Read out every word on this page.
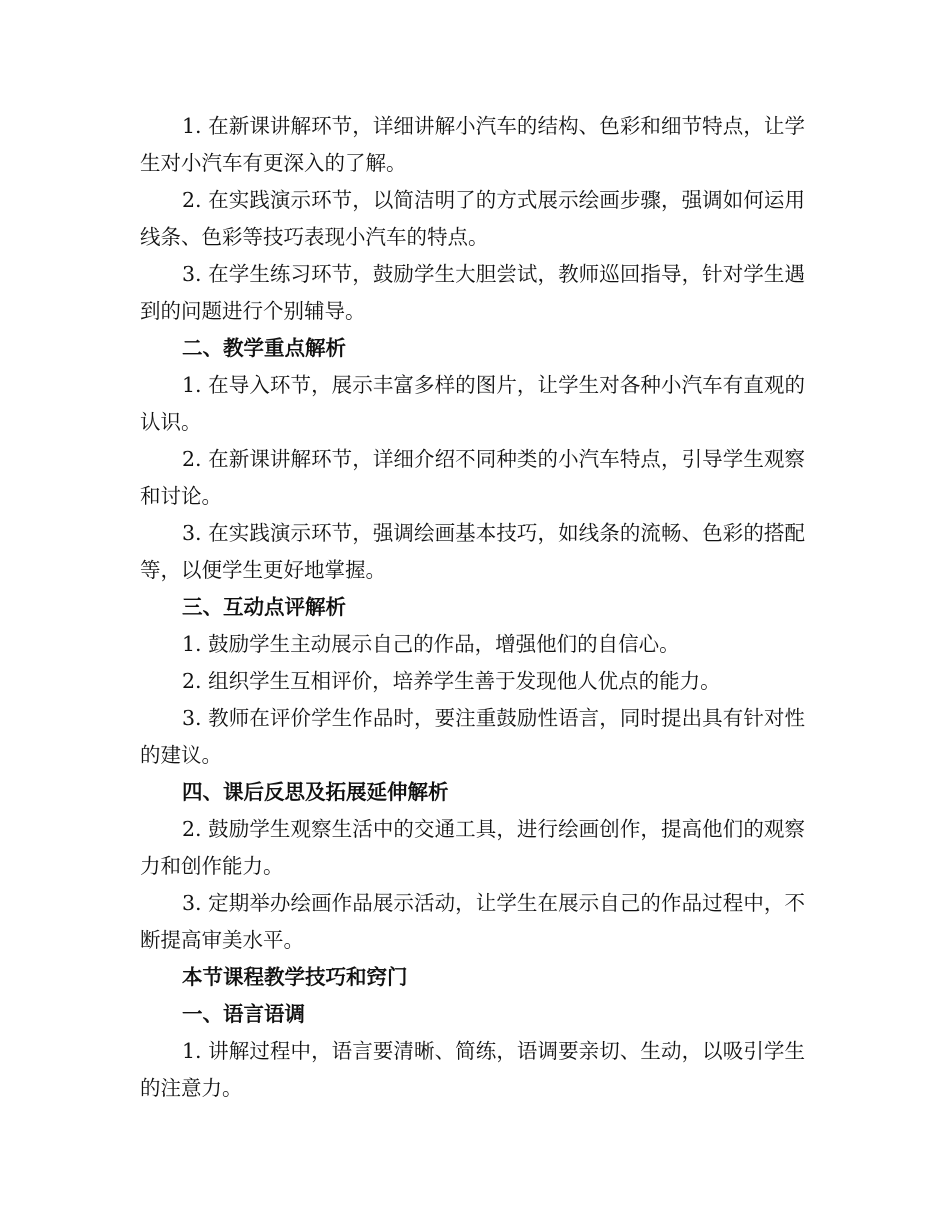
1. 在新课讲解环节，详细讲解小汽车的结构、色彩和细节特点，让学生对小汽车有更深入的了解。

2. 在实践演示环节，以简洁明了的方式展示绘画步骤，强调如何运用线条、色彩等技巧表现小汽车的特点。

3. 在学生练习环节，鼓励学生大胆尝试，教师巡回指导，针对学生遇到的问题进行个别辅导。

二、教学重点解析

1. 在导入环节，展示丰富多样的图片，让学生对各种小汽车有直观的认识。

2. 在新课讲解环节，详细介绍不同种类的小汽车特点，引导学生观察和讨论。

3. 在实践演示环节，强调绘画基本技巧，如线条的流畅、色彩的搭配等，以便学生更好地掌握。

三、互动点评解析

1. 鼓励学生主动展示自己的作品，增强他们的自信心。

2. 组织学生互相评价，培养学生善于发现他人优点的能力。

3. 教师在评价学生作品时，要注重鼓励性语言，同时提出具有针对性的建议。

四、课后反思及拓展延伸解析

2. 鼓励学生观察生活中的交通工具，进行绘画创作，提高他们的观察力和创作能力。

3. 定期举办绘画作品展示活动，让学生在展示自己的作品过程中，不断提高审美水平。

本节课程教学技巧和窍门

一、语言语调

1. 讲解过程中，语言要清晰、简练，语调要亲切、生动，以吸引学生的注意力。
